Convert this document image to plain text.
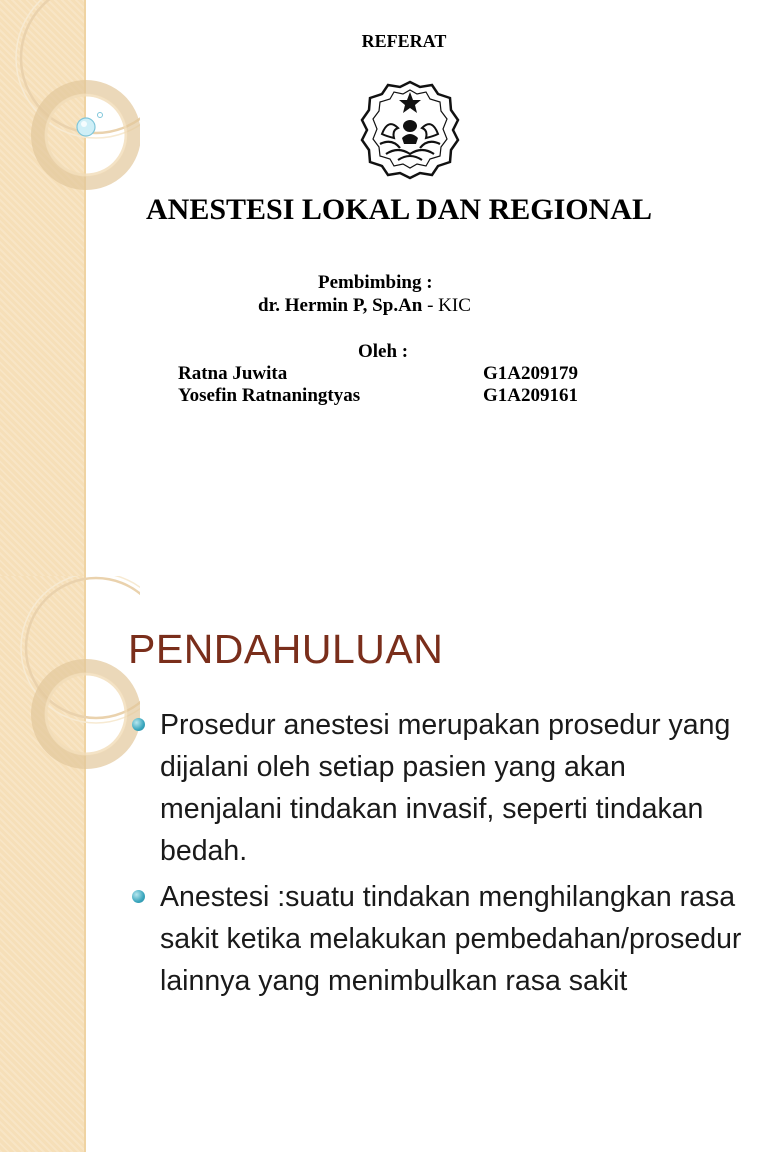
REFERAT
ANESTESI LOKAL DAN REGIONAL
Pembimbing :
dr. Hermin P, Sp.An - KIC
Oleh :
Ratna Juwita	G1A209179
Yosefin Ratnaningtyas	G1A209161
PENDAHULUAN
Prosedur anestesi merupakan prosedur yang dijalani oleh setiap pasien yang akan menjalani tindakan invasif, seperti tindakan bedah.
Anestesi :suatu tindakan menghilangkan rasa sakit ketika melakukan pembedahan/prosedur lainnya yang menimbulkan rasa sakit
